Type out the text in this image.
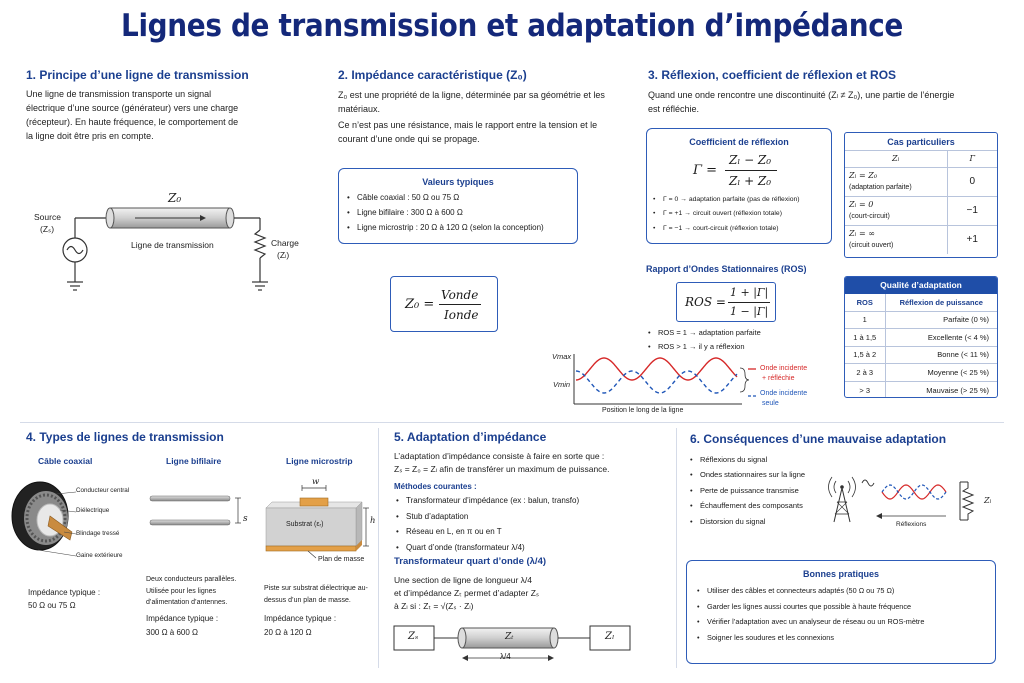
Lignes de transmission et adaptation d’impédance
1. Principe d’une ligne de transmission
Une ligne de transmission transporte un signal électrique d’une source (générateur) vers une charge (récepteur). En haute fréquence, le comportement de la ligne doit être pris en compte.
Z₀
Source
(Zₛ)
Ligne de transmission	Charge
(Zₗ)
2. Impédance caractéristique (Z₀)
Z₀ est une propriété de la ligne, déterminée par sa géométrie et les matériaux.
Ce n’est pas une résistance, mais le rapport entre la tension et le courant d’une onde qui se propage.
Valeurs typiques
• Câble coaxial : 50 Ω ou 75 Ω
• Ligne bifilaire : 300 Ω à 600 Ω
• Ligne microstrip : 20 Ω à 120 Ω (selon la conception)
Z₀ =
Vonde
Ionde
3. Réflexion, coefficient de réflexion et ROS
Quand une onde rencontre une discontinuité (Zₗ ≠ Z₀), une partie de l’énergie est réfléchie.
Coefficient de réflexion
Γ =
Zₗ − Z₀
Zₗ + Z₀
• Γ = 0 → adaptation parfaite (pas de réflexion)
• Γ = +1 → circuit ouvert (réflexion totale)
• Γ = −1 → court-circuit (réflexion totale)
Cas particuliers
Zₗ	Γ
Zₗ = Z₀
(adaptation parfaite)	0
Zₗ = 0
(court-circuit)	−1
Zₗ = ∞
(circuit ouvert)	+1
Rapport d’Ondes Stationnaires (ROS)
ROS =
1 + |Γ|
1 − |Γ|
• ROS = 1 → adaptation parfaite
• ROS > 1 → il y a réflexion
Vmax
Vmin
Position le long de la ligne
Onde incidente
+ réfléchie
Onde incidente
seule
Qualité d’adaptation
ROS	Réflexion de puissance
1	Parfaite (0 %)
1 à 1,5	Excellente (< 4 %)
1,5 à 2	Bonne (< 11 %)
2 à 3	Moyenne (< 25 %)
> 3	Mauvaise (> 25 %)
4. Types de lignes de transmission
Câble coaxial	Ligne bifilaire	Ligne microstrip
Conducteur central
Diélectrique
Blindage tressé
Gaine extérieure
Impédance typique :
50 Ω ou 75 Ω
s
Deux conducteurs parallèles. Utilisée pour les lignes d’alimentation d’antennes.
Impédance typique :
300 Ω à 600 Ω
w
h
Substrat (εᵣ)
Plan de masse
Piste sur substrat diélectrique au-dessus d’un plan de masse.
Impédance typique :
20 Ω à 120 Ω
5. Adaptation d’impédance
L’adaptation d’impédance consiste à faire en sorte que :
Zₛ = Z₀ = Zₗ afin de transférer un maximum de puissance.
Méthodes courantes :
• Transformateur d’impédance (ex : balun, transfo)
• Stub d’adaptation
• Réseau en L, en π ou en T
• Quart d’onde (transformateur λ/4)
Transformateur quart d’onde (λ/4)
Une section de ligne de longueur λ/4
et d’impédance Zₜ permet d’adapter Zₛ
à Zₗ si : Zₜ = √(Zₛ · Zₗ)
Zₛ	Zₜ	Zₗ
λ/4
6. Conséquences d’une mauvaise adaptation
• Réflexions du signal
• Ondes stationnaires sur la ligne
• Perte de puissance transmise
• Échauffement des composants
• Distorsion du signal
Zₗ
Réflexions
Bonnes pratiques
• Utiliser des câbles et connecteurs adaptés (50 Ω ou 75 Ω)
• Garder les lignes aussi courtes que possible à haute fréquence
• Vérifier l’adaptation avec un analyseur de réseau ou un ROS-mètre
• Soigner les soudures et les connexions
